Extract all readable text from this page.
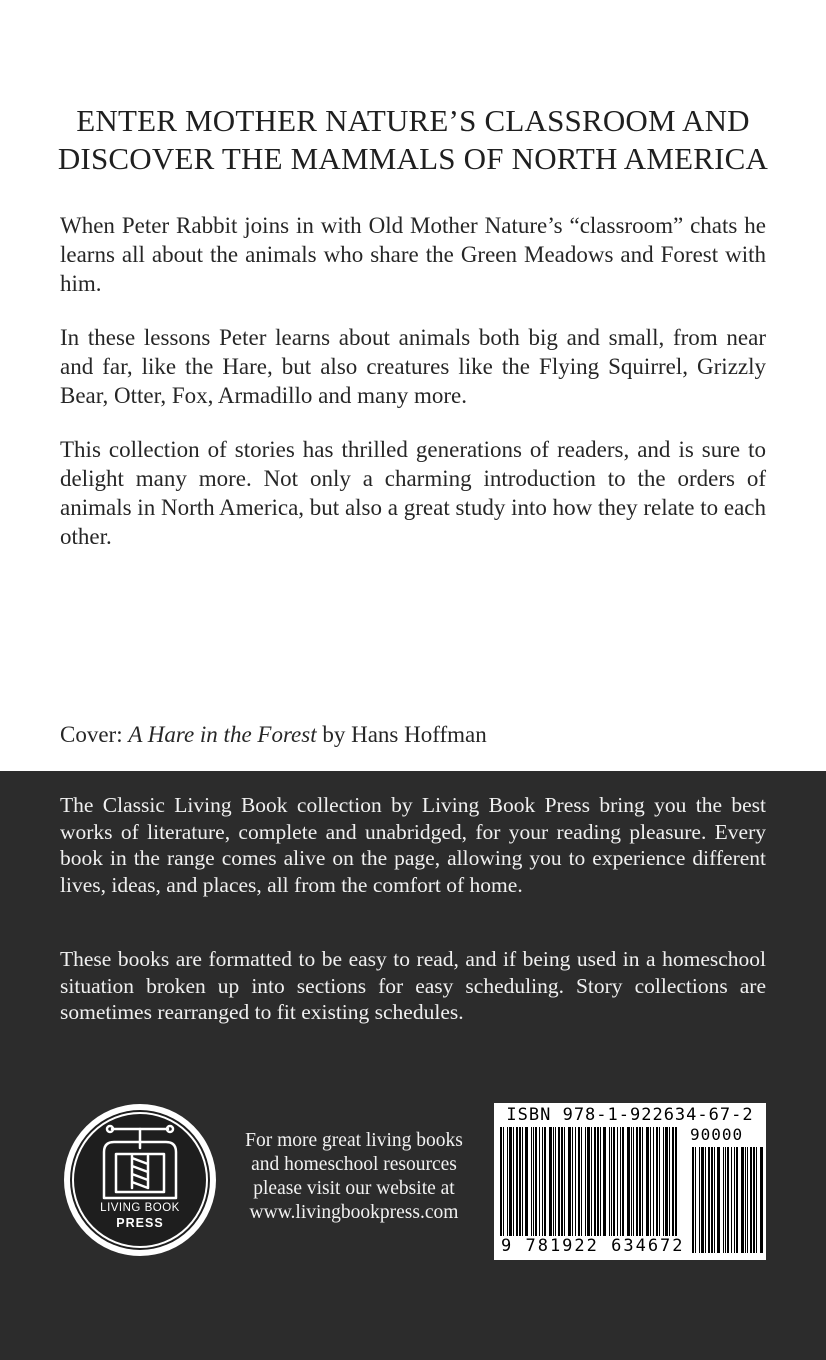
ENTER MOTHER NATURE’S CLASSROOM AND
DISCOVER THE MAMMALS OF NORTH AMERICA

When Peter Rabbit joins in with Old Mother Nature’s “classroom” chats he learns all about the animals who share the Green Meadows and Forest with him.

In these lessons Peter learns about animals both big and small, from near and far, like the Hare, but also creatures like the Flying Squirrel, Grizzly Bear, Otter, Fox, Armadillo and many more.

This collection of stories has thrilled generations of readers, and is sure to delight many more. Not only a charming introduction to the orders of animals in North America, but also a great study into how they relate to each other.

Cover: A Hare in the Forest by Hans Hoffman

The Classic Living Book collection by Living Book Press bring you the best works of literature, complete and unabridged, for your reading pleasure. Every book in the range comes alive on the page, allowing you to experience different lives, ideas, and places, all from the comfort of home.

These books are formatted to be easy to read, and if being used in a homeschool situation broken up into sections for easy scheduling. Story collections are sometimes rearranged to fit existing schedules.

LIVING BOOK
PRESS
For more great living books
and homeschool resources
please visit our website at
www.livingbookpress.com
ISBN 978-1-922634-67-2
90000
9 781922 634672
